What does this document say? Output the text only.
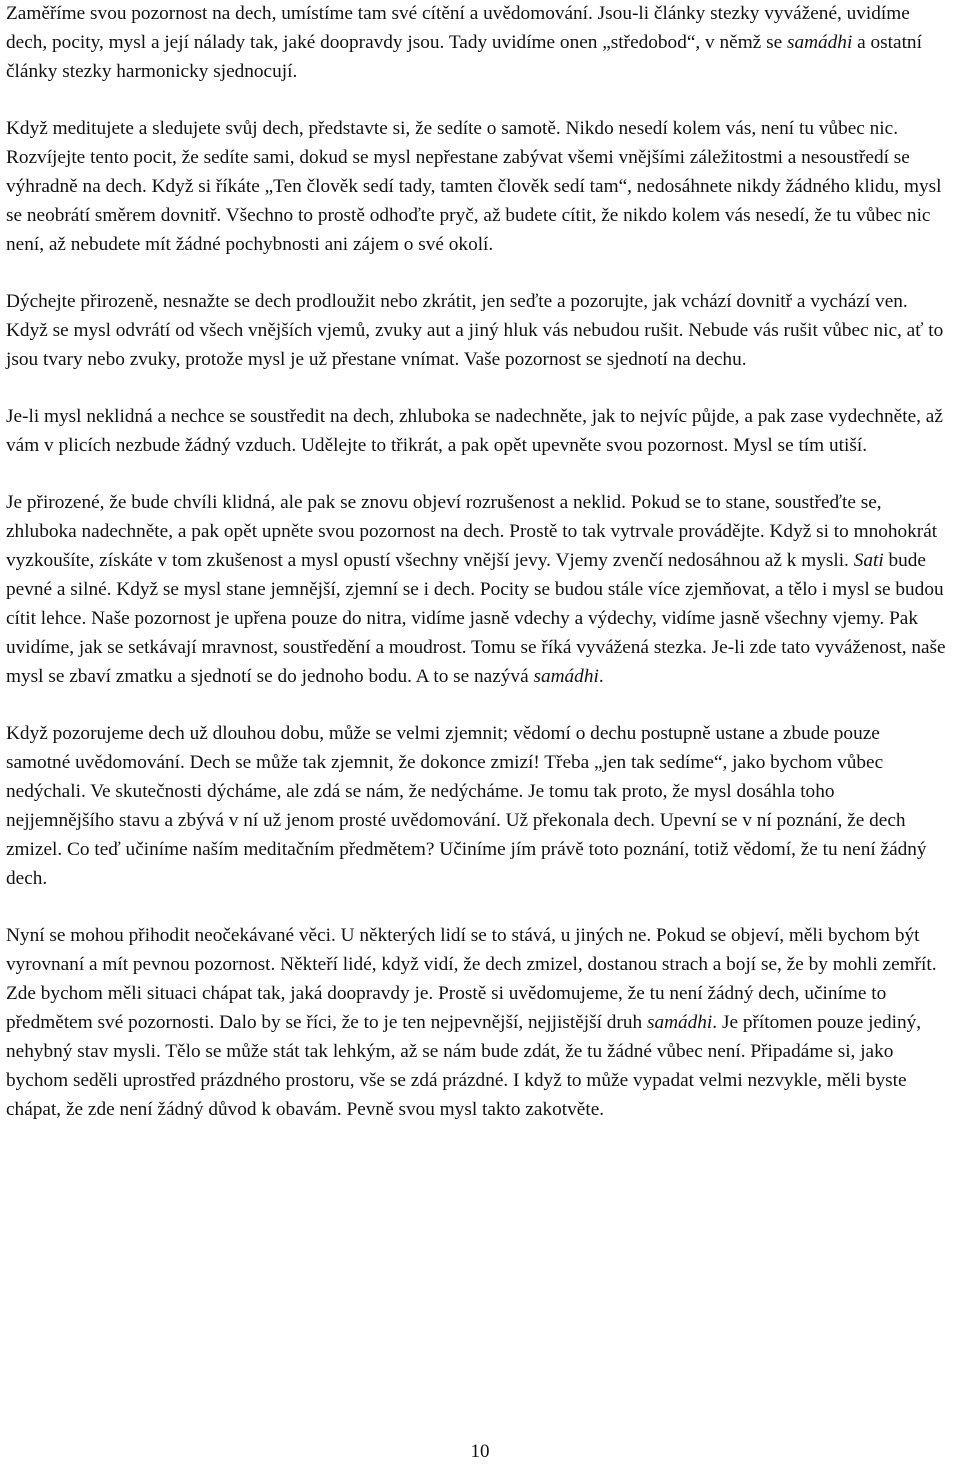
Zaměříme svou pozornost na dech, umístíme tam své cítění a uvědomování. Jsou-li články stezky vyvážené, uvidíme dech, pocity, mysl a její nálady tak, jaké doopravdy jsou. Tady uvidíme onen „středobod“, v němž se samádhi a ostatní články stezky harmonicky sjednocují.

Když meditujete a sledujete svůj dech, představte si, že sedíte o samotě. Nikdo nesedí kolem vás, není tu vůbec nic. Rozvíjejte tento pocit, že sedíte sami, dokud se mysl nepřestane zabývat všemi vnějšími záležitostmi a nesoustředí se výhradně na dech. Když si říkáte „Ten člověk sedí tady, tamten člověk sedí tam“, nedosáhnete nikdy žádného klidu, mysl se neobrátí směrem dovnitř. Všechno to prostě odhoďte pryč, až budete cítit, že nikdo kolem vás nesedí, že tu vůbec nic není, až nebudete mít žádné pochybnosti ani zájem o své okolí.

Dýchejte přirozeně, nesnažte se dech prodloužit nebo zkrátit, jen seďte a pozorujte, jak vchází dovnitř a vychází ven. Když se mysl odvrátí od všech vnějších vjemů, zvuky aut a jiný hluk vás nebudou rušit. Nebude vás rušit vůbec nic, ať to jsou tvary nebo zvuky, protože mysl je už přestane vnímat. Vaše pozornost se sjednotí na dechu.

Je-li mysl neklidná a nechce se soustředit na dech, zhluboka se nadechněte, jak to nejvíc půjde, a pak zase vydechněte, až vám v plicích nezbude žádný vzduch. Udělejte to třikrát, a pak opět upevněte svou pozornost. Mysl se tím utiší.

Je přirozené, že bude chvíli klidná, ale pak se znovu objeví rozrušenost a neklid. Pokud se to stane, soustřeďte se, zhluboka nadechněte, a pak opět upněte svou pozornost na dech. Prostě to tak vytrvale provádějte. Když si to mnohokrát vyzkoušíte, získáte v tom zkušenost a mysl opustí všechny vnější jevy. Vjemy zvenčí nedosáhnou až k mysli. Sati bude pevné a silné. Když se mysl stane jemnější, zjemní se i dech. Pocity se budou stále více zjemňovat, a tělo i mysl se budou cítit lehce. Naše pozornost je upřena pouze do nitra, vidíme jasně vdechy a výdechy, vidíme jasně všechny vjemy. Pak uvidíme, jak se setkávají mravnost, soustředění a moudrost. Tomu se říká vyvážená stezka. Je-li zde tato vyváženost, naše mysl se zbaví zmatku a sjednotí se do jednoho bodu. A to se nazývá samádhi.

Když pozorujeme dech už dlouhou dobu, může se velmi zjemnit; vědomí o dechu postupně ustane a zbude pouze samotné uvědomování. Dech se může tak zjemnit, že dokonce zmizí! Třeba „jen tak sedíme“, jako bychom vůbec nedýchali. Ve skutečnosti dýcháme, ale zdá se nám, že nedýcháme. Je tomu tak proto, že mysl dosáhla toho nejjemnějšího stavu a zbývá v ní už jenom prosté uvědomování. Už překonala dech. Upevní se v ní poznání, že dech zmizel. Co teď učiníme naším meditačním předmětem? Učiníme jím právě toto poznání, totiž vědomí, že tu není žádný dech.

Nyní se mohou přihodit neočekávané věci. U některých lidí se to stává, u jiných ne. Pokud se objeví, měli bychom být vyrovnaní a mít pevnou pozornost. Někteří lidé, když vidí, že dech zmizel, dostanou strach a bojí se, že by mohli zemřít. Zde bychom měli situaci chápat tak, jaká doopravdy je. Prostě si uvědomujeme, že tu není žádný dech, učiníme to předmětem své pozornosti. Dalo by se říci, že to je ten nejpevnější, nejjistější druh samádhi. Je přítomen pouze jediný, nehybný stav mysli. Tělo se může stát tak lehkým, až se nám bude zdát, že tu žádné vůbec není. Připadáme si, jako bychom seděli uprostřed prázdného prostoru, vše se zdá prázdné. I když to může vypadat velmi nezvykle, měli byste chápat, že zde není žádný důvod k obavám. Pevně svou mysl takto zakotvěte.

10
